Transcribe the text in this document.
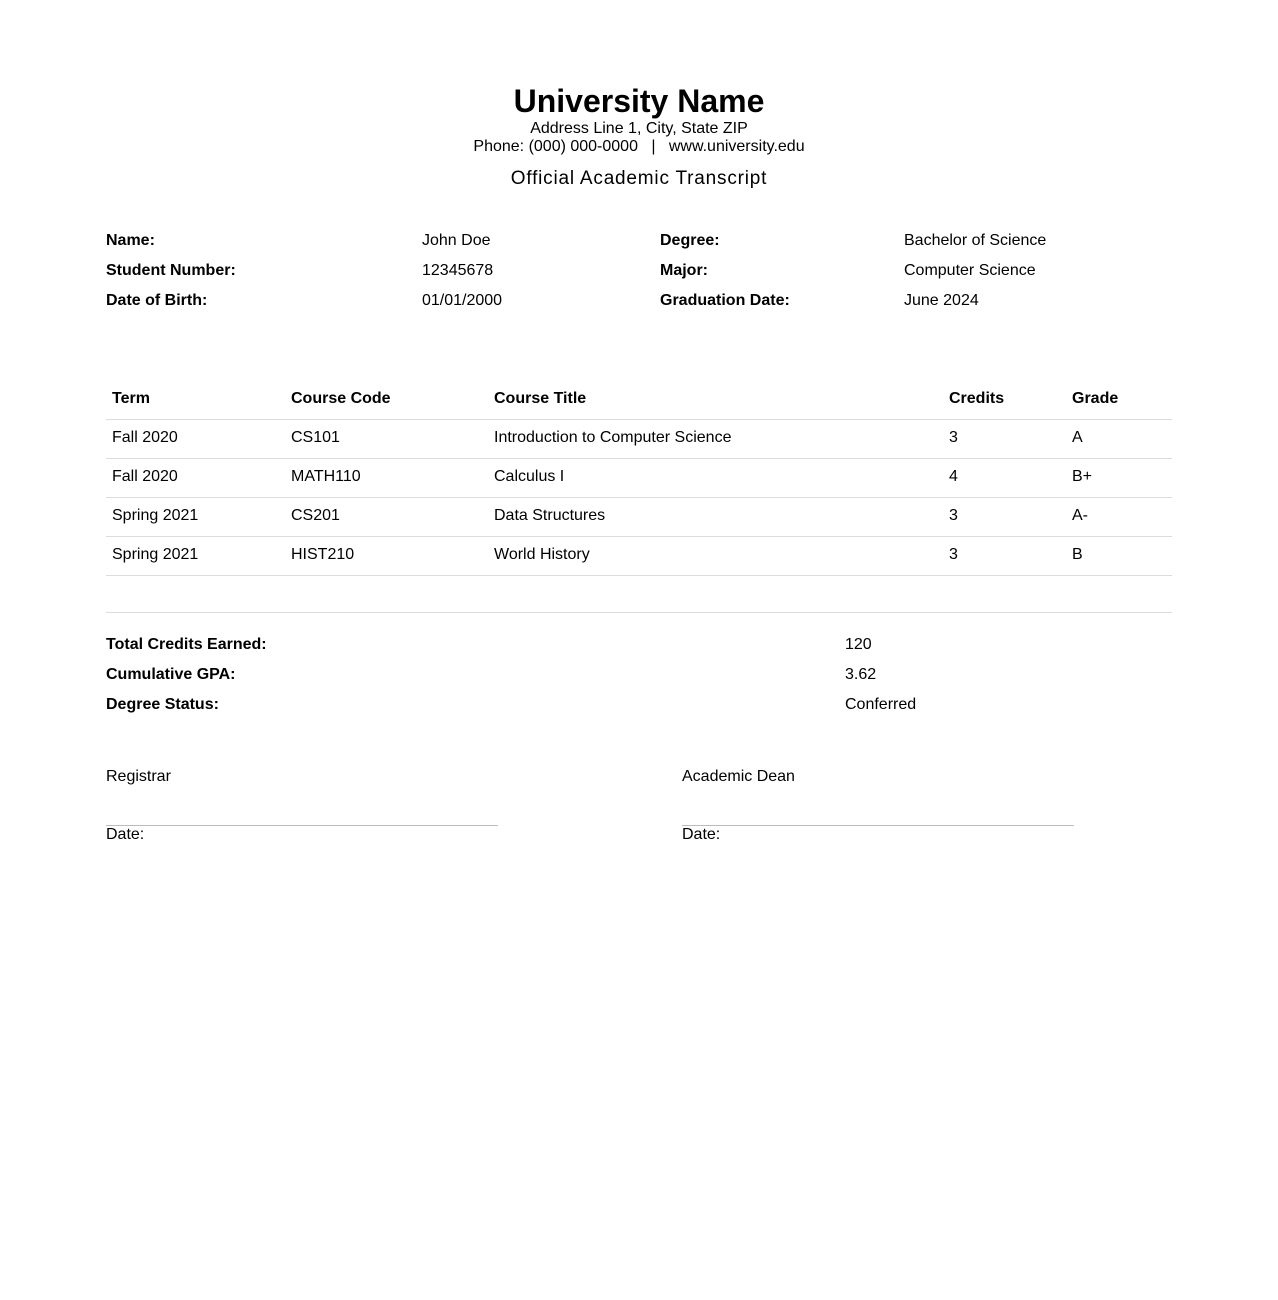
University Name
Address Line 1, City, State ZIP
Phone: (000) 000-0000 | www.university.edu
Official Academic Transcript
Name:	John Doe
Student Number:	12345678
Date of Birth:	01/01/2000
Degree:	Bachelor of Science
Major:	Computer Science
Graduation Date:	June 2024
Term	Course Code	Course Title	Credits	Grade
Fall 2020	CS101	Introduction to Computer Science	3	A
Fall 2020	MATH110	Calculus I	4	B+
Spring 2021	CS201	Data Structures	3	A-
Spring 2021	HIST210	World History	3	B
Total Credits Earned:	120
Cumulative GPA:	3.62
Degree Status:	Conferred
Registrar
Date:
Academic Dean
Date:
